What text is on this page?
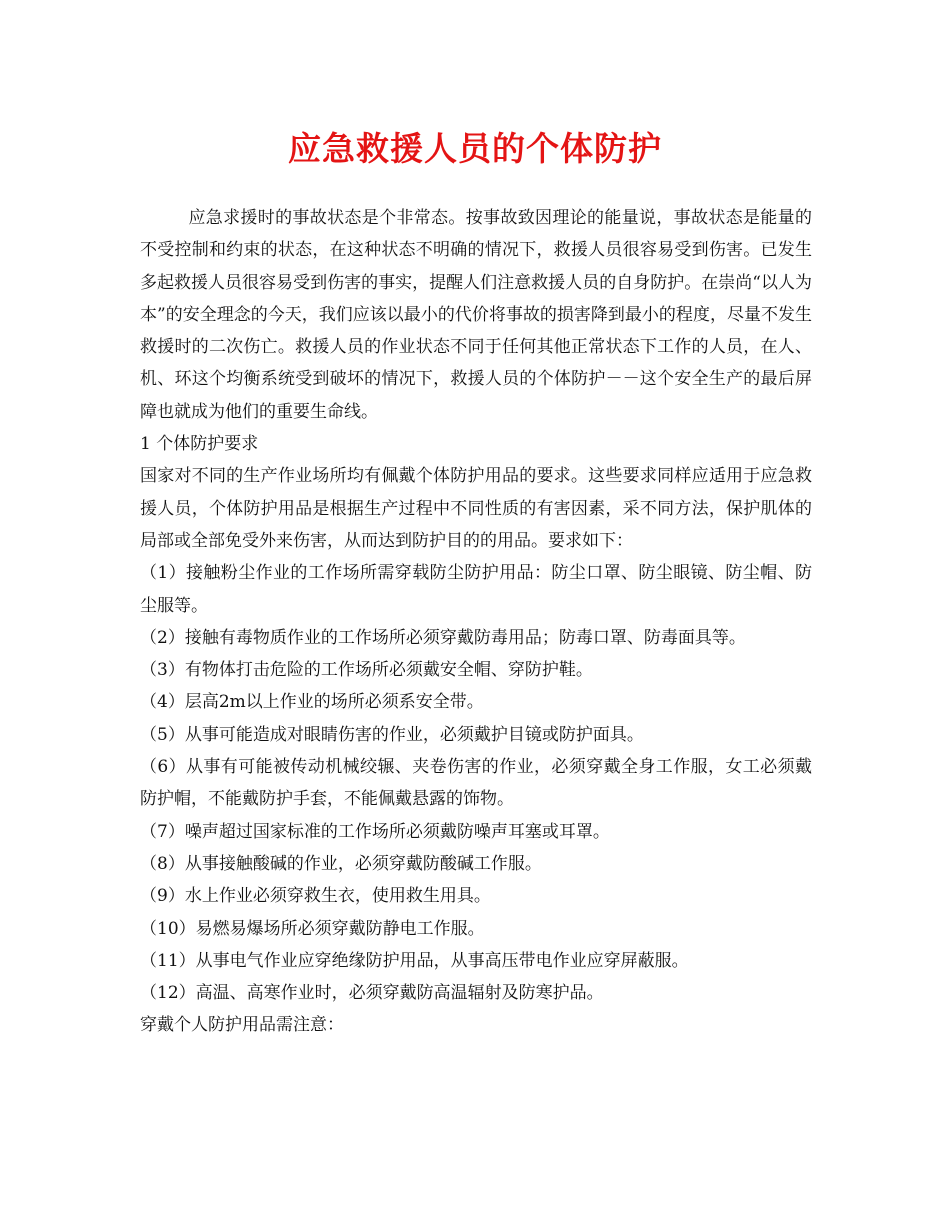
应急救援人员的个体防护

应急求援时的事故状态是个非常态。按事故致因理论的能量说，事故状态是能量的不受控制和约束的状态，在这种状态不明确的情况下，救援人员很容易受到伤害。已发生多起救援人员很容易受到伤害的事实，提醒人们注意救援人员的自身防护。在崇尚“以人为本”的安全理念的今天，我们应该以最小的代价将事故的损害降到最小的程度，尽量不发生救援时的二次伤亡。救援人员的作业状态不同于任何其他正常状态下工作的人员，在人、机、环这个均衡系统受到破坏的情况下，救援人员的个体防护－－这个安全生产的最后屏障也就成为他们的重要生命线。

1 个体防护要求

国家对不同的生产作业场所均有佩戴个体防护用品的要求。这些要求同样应适用于应急救援人员，个体防护用品是根据生产过程中不同性质的有害因素，采不同方法，保护肌体的局部或全部免受外来伤害，从而达到防护目的的用品。要求如下：

（1）接触粉尘作业的工作场所需穿载防尘防护用品：防尘口罩、防尘眼镜、防尘帽、防尘服等。

（2）接触有毒物质作业的工作场所必须穿戴防毒用品；防毒口罩、防毒面具等。

（3）有物体打击危险的工作场所必须戴安全帽、穿防护鞋。

（4）层高2m以上作业的场所必须系安全带。

（5）从事可能造成对眼睛伤害的作业，必须戴护目镜或防护面具。

（6）从事有可能被传动机械绞辗、夹卷伤害的作业，必须穿戴全身工作服，女工必须戴防护帽，不能戴防护手套，不能佩戴悬露的饰物。

（7）噪声超过国家标准的工作场所必须戴防噪声耳塞或耳罩。

（8）从事接触酸碱的作业，必须穿戴防酸碱工作服。

（9）水上作业必须穿救生衣，使用救生用具。

（10）易燃易爆场所必须穿戴防静电工作服。

（11）从事电气作业应穿绝缘防护用品，从事高压带电作业应穿屏蔽服。

（12）高温、高寒作业时，必须穿戴防高温辐射及防寒护品。

穿戴个人防护用品需注意：
